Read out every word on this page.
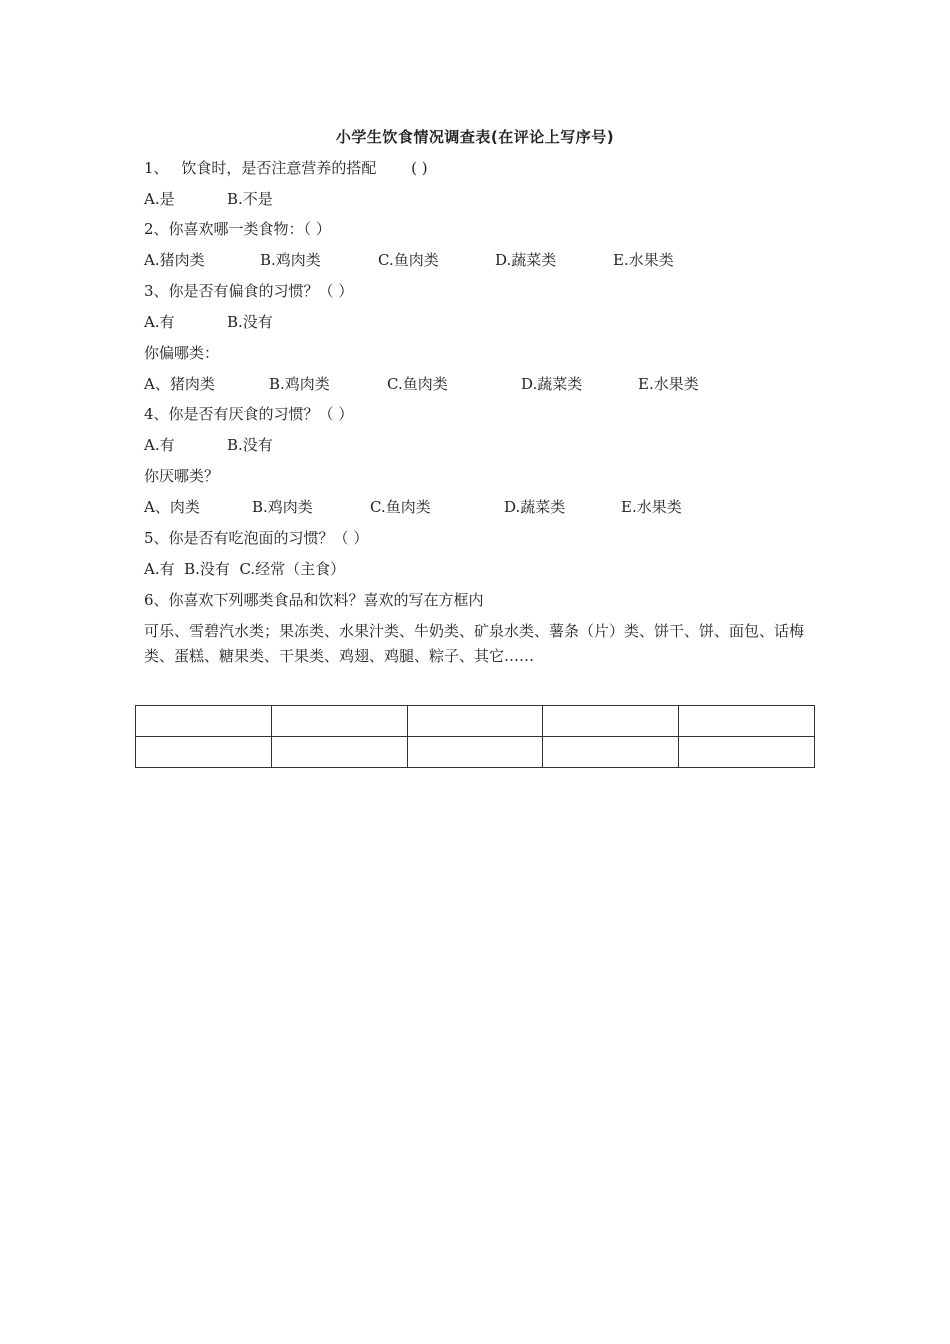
小学生饮食情况调查表(在评论上写序号)
1、 饮食时，是否注意营养的搭配 ( )
A.是	B.不是
2、你喜欢哪一类食物：（ ）
A.猪肉类	B.鸡肉类	C.鱼肉类	D.蔬菜类	E.水果类
3、你是否有偏食的习惯？（ ）
A.有	B.没有
你偏哪类：
A、猪肉类	B.鸡肉类	C.鱼肉类	D.蔬菜类	E.水果类
4、你是否有厌食的习惯？（ ）
A.有	B.没有
你厌哪类？
A、肉类	B.鸡肉类	C.鱼肉类	D.蔬菜类	E.水果类
5、你是否有吃泡面的习惯？（ ）
A.有  B.没有  C.经常（主食）
6、你喜欢下列哪类食品和饮料？喜欢的写在方框内
可乐、雪碧汽水类；果冻类、水果汁类、牛奶类、矿泉水类、薯条（片）类、饼干、饼、面包、话梅类、蛋糕、糖果类、干果类、鸡翅、鸡腿、粽子、其它……
